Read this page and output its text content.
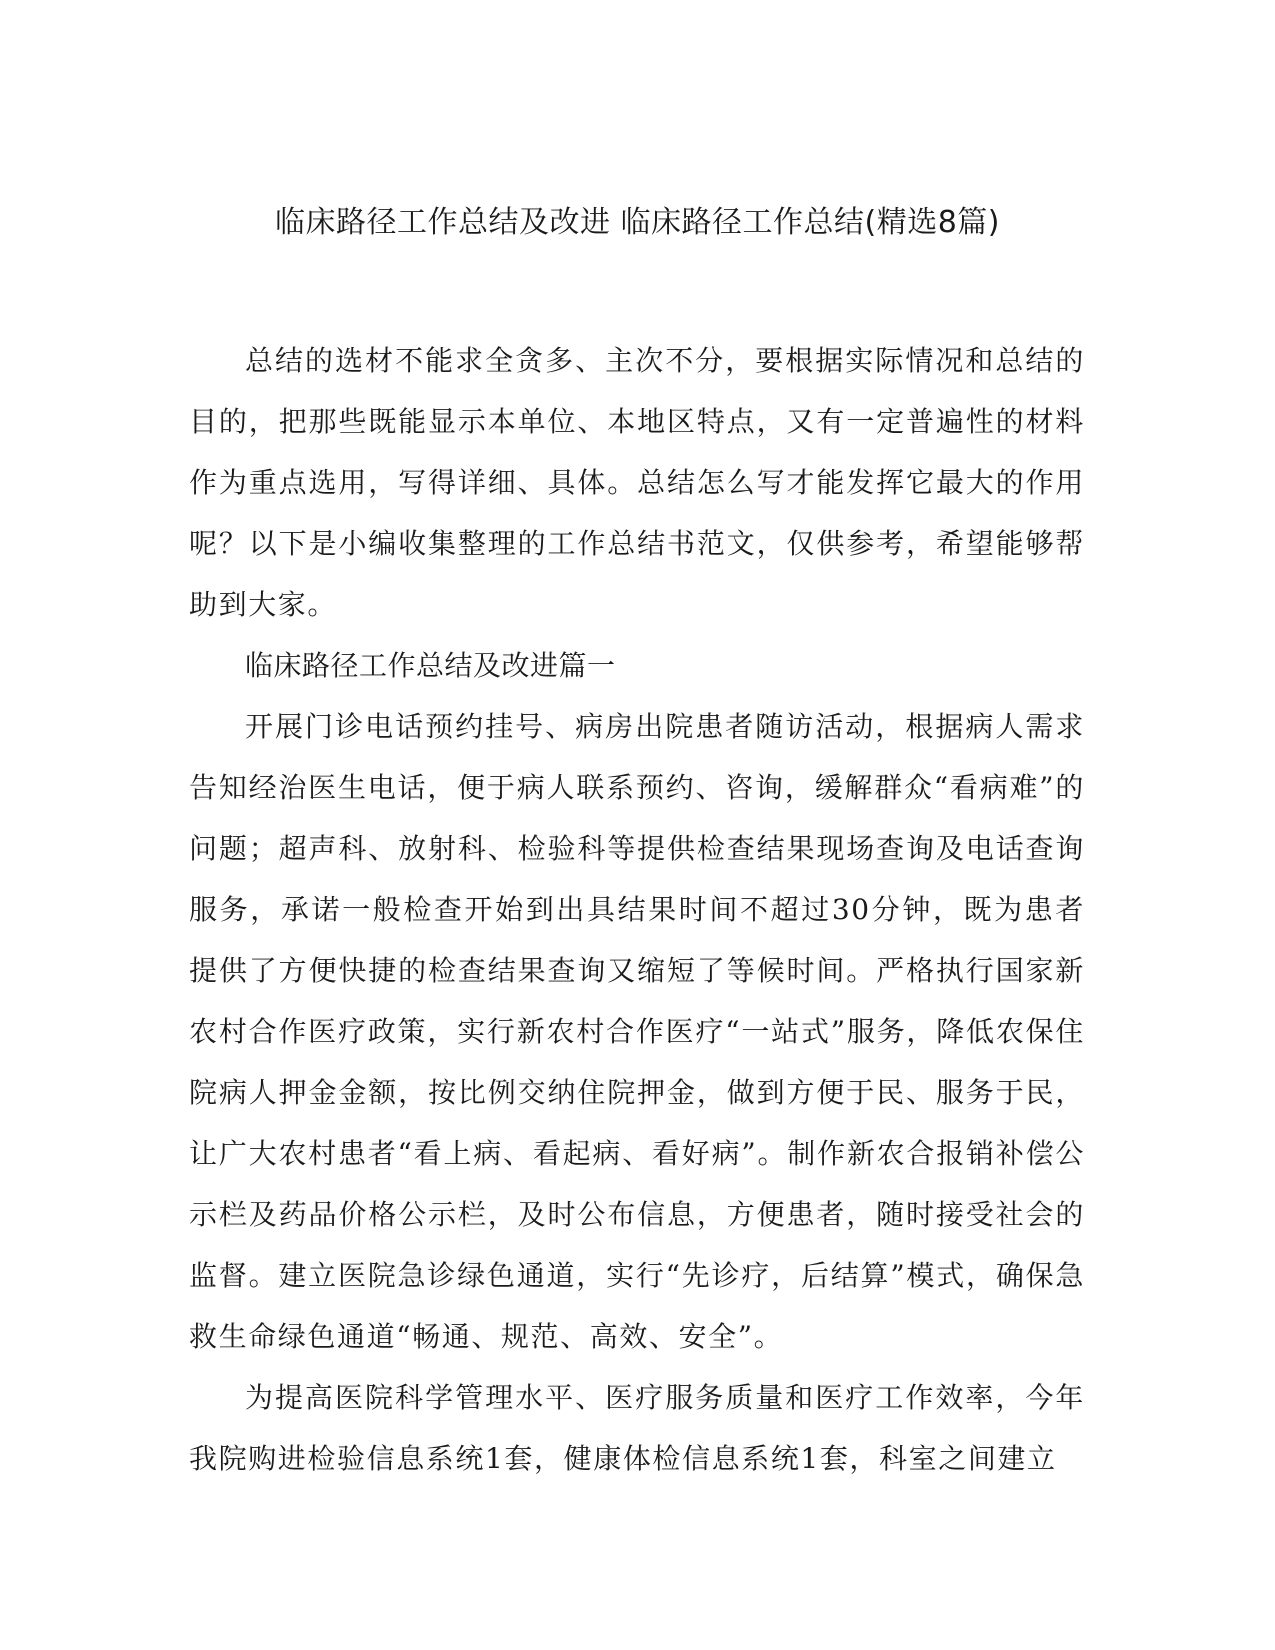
临床路径工作总结及改进 临床路径工作总结(精选8篇)

总结的选材不能求全贪多、主次不分，要根据实际情况和总结的目的，把那些既能显示本单位、本地区特点，又有一定普遍性的材料作为重点选用，写得详细、具体。总结怎么写才能发挥它最大的作用呢？以下是小编收集整理的工作总结书范文，仅供参考，希望能够帮助到大家。

临床路径工作总结及改进篇一

开展门诊电话预约挂号、病房出院患者随访活动，根据病人需求告知经治医生电话，便于病人联系预约、咨询，缓解群众“看病难”的问题；超声科、放射科、检验科等提供检查结果现场查询及电话查询服务，承诺一般检查开始到出具结果时间不超过30分钟，既为患者提供了方便快捷的检查结果查询又缩短了等候时间。严格执行国家新农村合作医疗政策，实行新农村合作医疗“一站式”服务，降低农保住院病人押金金额，按比例交纳住院押金，做到方便于民、服务于民，让广大农村患者“看上病、看起病、看好病”。制作新农合报销补偿公示栏及药品价格公示栏，及时公布信息，方便患者，随时接受社会的监督。建立医院急诊绿色通道，实行“先诊疗，后结算”模式，确保急救生命绿色通道“畅通、规范、高效、安全”。

为提高医院科学管理水平、医疗服务质量和医疗工作效率，今年我院购进检验信息系统1套，健康体检信息系统1套，科室之间建立
